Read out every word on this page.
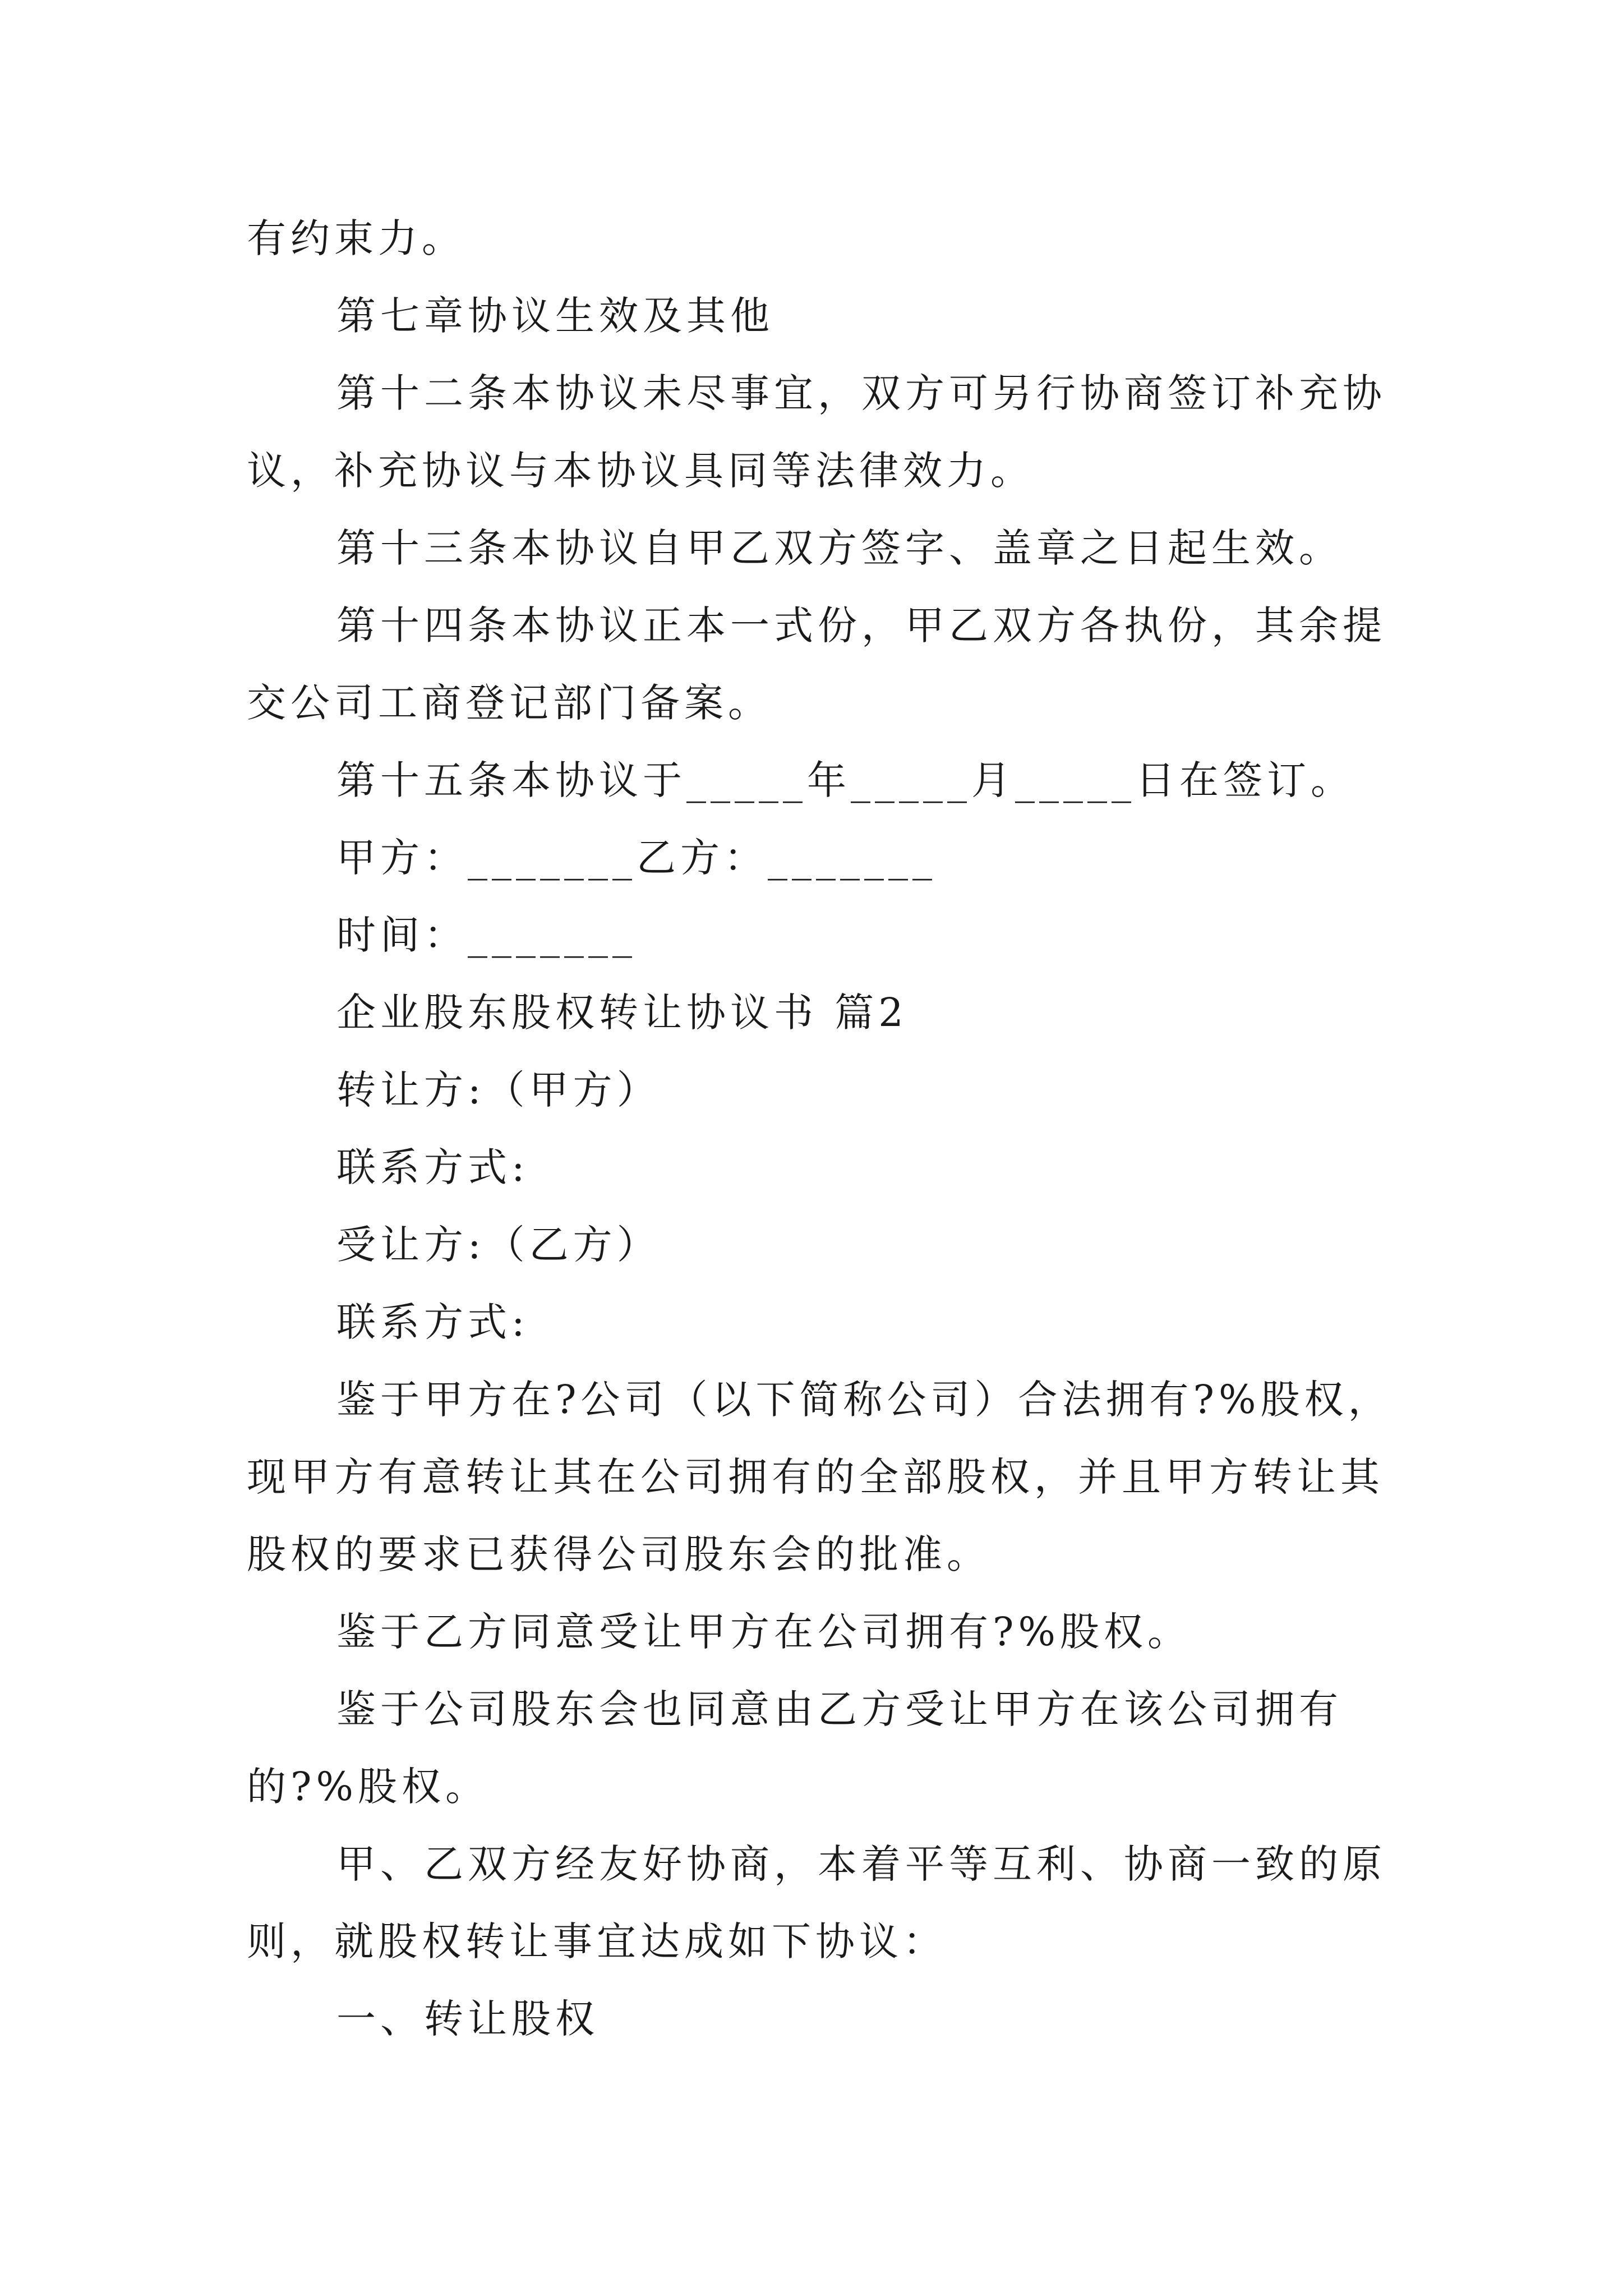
有约束力。
第七章协议生效及其他
第十二条本协议未尽事宜，双方可另行协商签订补充协
议，补充协议与本协议具同等法律效力。
第十三条本协议自甲乙双方签字、盖章之日起生效。
第十四条本协议正本一式份，甲乙双方各执份，其余提
交公司工商登记部门备案。
第十五条本协议于_____年_____月_____日在签订。
甲方：_______乙方：_______
时间：_______
企业股东股权转让协议书 篇2
转让方:（甲方）
联系方式:
受让方:（乙方）
联系方式:
鉴于甲方在?公司（以下简称公司）合法拥有?%股权，
现甲方有意转让其在公司拥有的全部股权，并且甲方转让其
股权的要求已获得公司股东会的批准。
鉴于乙方同意受让甲方在公司拥有?%股权。
鉴于公司股东会也同意由乙方受让甲方在该公司拥有
的?%股权。
甲、乙双方经友好协商，本着平等互利、协商一致的原
则，就股权转让事宜达成如下协议：
一、转让股权
